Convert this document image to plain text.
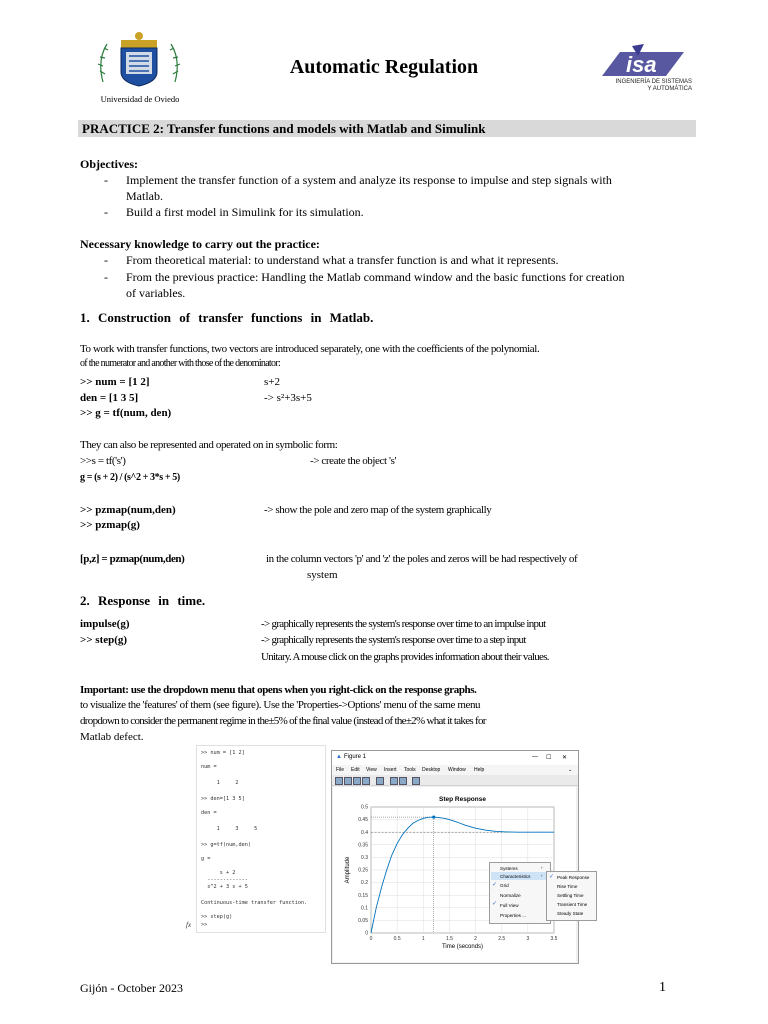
Universidad de Oviedo
Automatic Regulation	isa
INGENIERÍA DE SISTEMAS
Y AUTOMÁTICA
PRACTICE 2: Transfer functions and models with Matlab and Simulink
Objectives:
- Implement the transfer function of a system and analyze its response to impulse and step signals with
Matlab.
- Build a first model in Simulink for its simulation.
Necessary knowledge to carry out the practice:
- From theoretical material: to understand what a transfer function is and what it represents.
- From the previous practice: Handling the Matlab command window and the basic functions for creation
of variables.
1. Construction of transfer functions in Matlab.
To work with transfer functions, two vectors are introduced separately, one with the coefficients of the polynomial.
of the numerator and another with those of the denominator:
>> num = [1 2]	s+2
den = [1 3 5]	-> s²+3s+5
>> g = tf(num, den)
They can also be represented and operated on in symbolic form:
>>s = tf('s')	-> create the object 's'
g = (s + 2) / (s^2 + 3*s + 5)
>> pzmap(num,den)	-> show the pole and zero map of the system graphically
>> pzmap(g)
[p,z] = pzmap(num,den)	in the column vectors 'p' and 'z' the poles and zeros will be had respectively of
system
2. Response in time.
impulse(g)	-> graphically represents the system's response over time to an impulse input
>> step(g)	-> graphically represents the system's response over time to a step input
Unitary. A mouse click on the graphs provides information about their values.
Important: use the dropdown menu that opens when you right-click on the response graphs.
to visualize the 'features' of them (see figure). Use the 'Properties->Options' menu of the same menu
dropdown to consider the permanent regime in the±5% of the final value (instead of the±2% what it takes for
Matlab defect.
>> num = [1 2]
num =
1     2
>> den=[1 3 5]
den =
1     3     5
>> g=tf(num,den)
g =
s + 2
-------------
s^2 + 3 s + 5
Continuous-time transfer function.
>> step(g)
>>
fx
▲ Figure 1	— ☐ ✕
File Edit View Insert Tools Desktop Window Help	⌄
0	0.5	1	1.5	2	2.5	3	3.5
0
0.05
0.1
0.15
0.2
0.25
0.3
0.35
0.4
0.45
0.5
Step Response
Time (seconds)
Amplitude	Systems
Characteristics
✓ Grid
Normalize
✓ Full View
Properties ...
›
› ✓ Peak Response
Rise Time
Settling Time
Transient Time
Steady State
Gijón - October 2023	1
